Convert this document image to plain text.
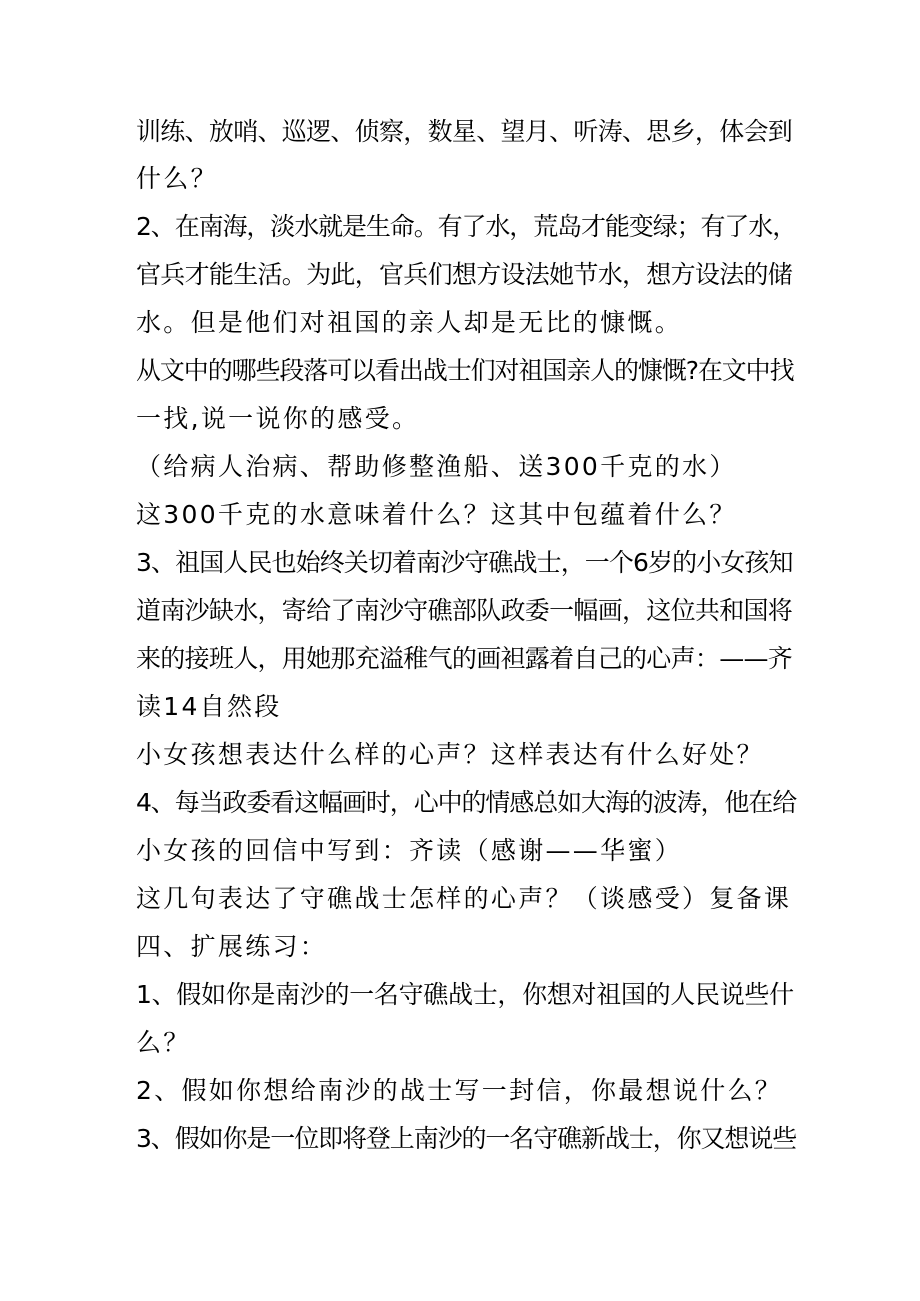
训练、放哨、巡逻、侦察，数星、望月、听涛、思乡，体会到
什么？
2、在南海，淡水就是生命。有了水，荒岛才能变绿；有了水，
官兵才能生活。为此，官兵们想方设法她节水，想方设法的储
水。但是他们对祖国的亲人却是无比的慷慨。
从文中的哪些段落可以看出战士们对祖国亲人的慷慨?在文中找
一找,说一说你的感受。
（给病人治病、帮助修整渔船、送300千克的水）
这300千克的水意味着什么？这其中包蕴着什么？
3、祖国人民也始终关切着南沙守礁战士，一个6岁的小女孩知
道南沙缺水，寄给了南沙守礁部队政委一幅画，这位共和国将
来的接班人，用她那充溢稚气的画袒露着自己的心声：——齐
读14自然段
小女孩想表达什么样的心声？这样表达有什么好处？
4、每当政委看这幅画时，心中的情感总如大海的波涛，他在给
小女孩的回信中写到：齐读（感谢——华蜜）
这几句表达了守礁战士怎样的心声？（谈感受）复备课
四、扩展练习：
1、假如你是南沙的一名守礁战士，你想对祖国的人民说些什
么？
2、假如你想给南沙的战士写一封信，你最想说什么？
3、假如你是一位即将登上南沙的一名守礁新战士，你又想说些
